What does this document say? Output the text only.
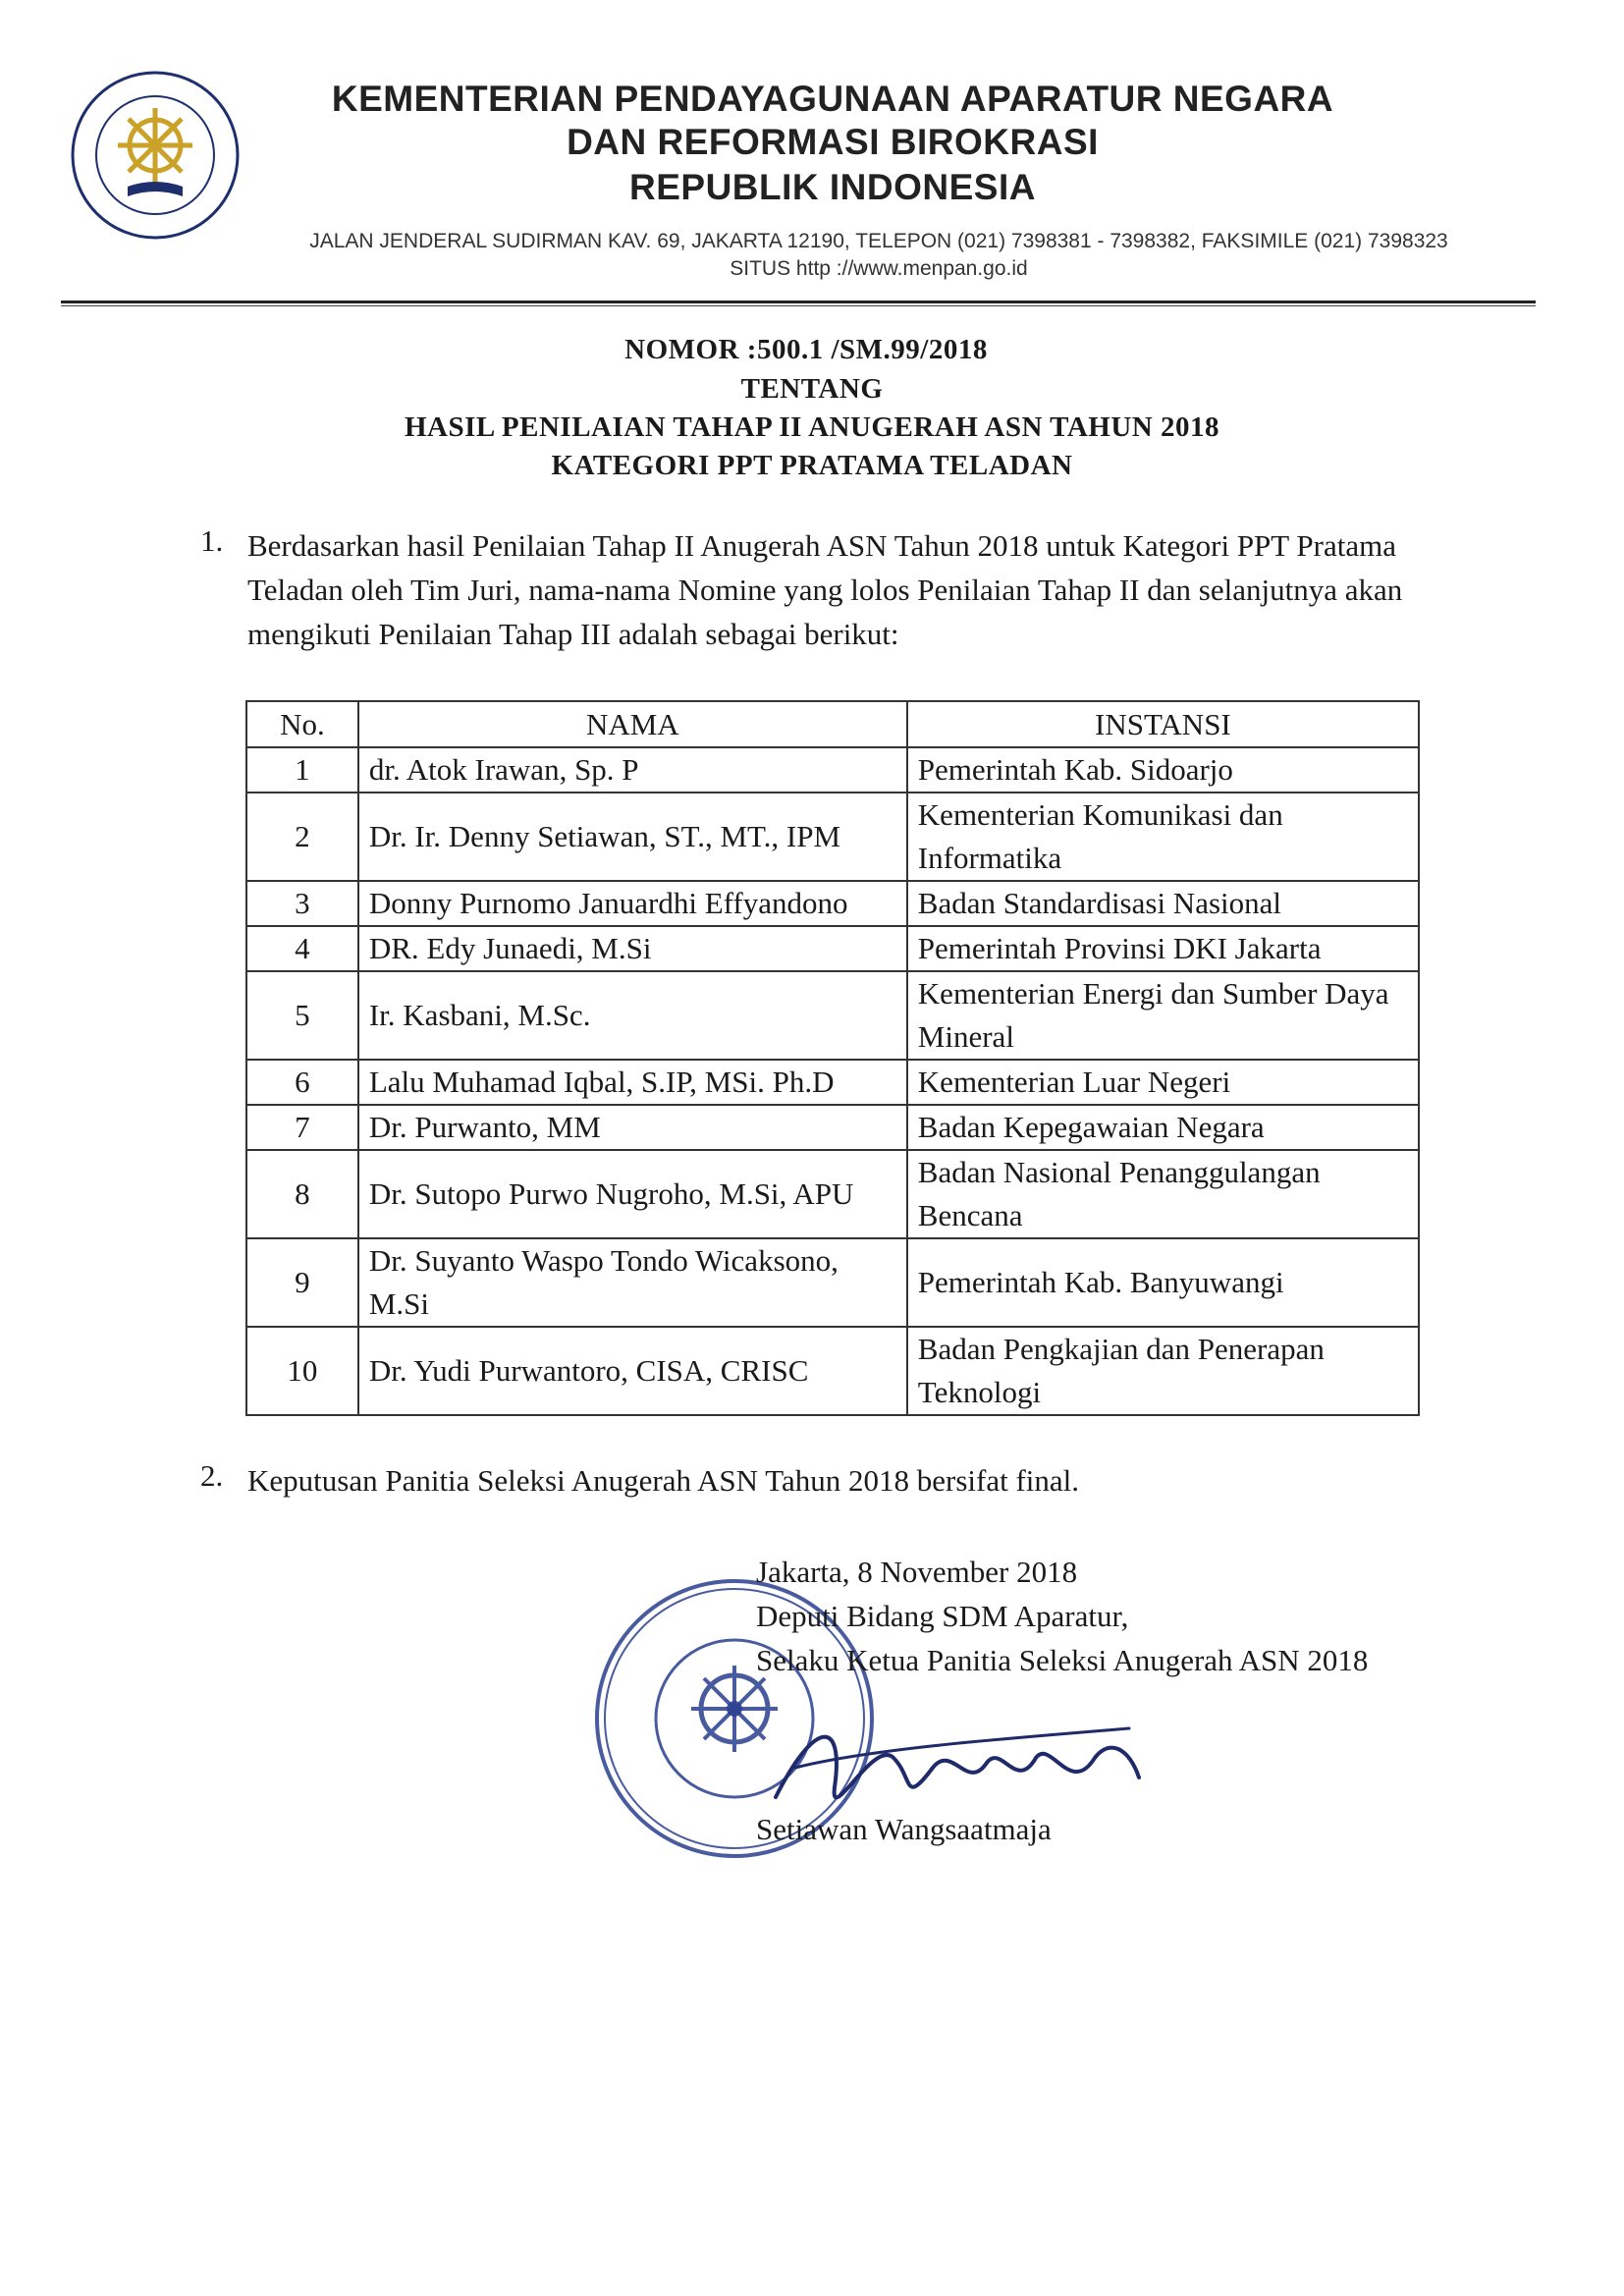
KEMENTERIAN PENDAYAGUNAAN APARATUR NEGARA
DAN REFORMASI BIROKRASI
REPUBLIK INDONESIA
JALAN JENDERAL SUDIRMAN KAV. 69, JAKARTA 12190, TELEPON (021) 7398381 - 7398382, FAKSIMILE (021) 7398323
SITUS http ://www.menpan.go.id
NOMOR :500.1 /SM.99/2018
TENTANG
HASIL PENILAIAN TAHAP II ANUGERAH ASN TAHUN 2018
KATEGORI PPT PRATAMA TELADAN
1. Berdasarkan hasil Penilaian Tahap II Anugerah ASN Tahun 2018 untuk Kategori PPT Pratama Teladan oleh Tim Juri, nama-nama Nomine yang lolos Penilaian Tahap II dan selanjutnya akan mengikuti Penilaian Tahap III adalah sebagai berikut:
No.	NAMA	INSTANSI
1	dr. Atok Irawan, Sp. P	Pemerintah Kab. Sidoarjo
2	Dr. Ir. Denny Setiawan, ST., MT., IPM	Kementerian Komunikasi dan Informatika
3	Donny Purnomo Januardhi Effyandono	Badan Standardisasi Nasional
4	DR. Edy Junaedi, M.Si	Pemerintah Provinsi DKI Jakarta
5	Ir. Kasbani, M.Sc.	Kementerian Energi dan Sumber Daya Mineral
6	Lalu Muhamad Iqbal, S.IP, MSi. Ph.D	Kementerian Luar Negeri
7	Dr. Purwanto, MM	Badan Kepegawaian Negara
8	Dr. Sutopo Purwo Nugroho, M.Si, APU	Badan Nasional Penanggulangan Bencana
9	Dr. Suyanto Waspo Tondo Wicaksono, M.Si	Pemerintah Kab. Banyuwangi
10	Dr. Yudi Purwantoro, CISA, CRISC	Badan Pengkajian dan Penerapan Teknologi
2. Keputusan Panitia Seleksi Anugerah ASN Tahun 2018 bersifat final.
Jakarta, 8 November 2018
Deputi Bidang SDM Aparatur,
Selaku Ketua Panitia Seleksi Anugerah ASN 2018
Setiawan Wangsaatmaja
